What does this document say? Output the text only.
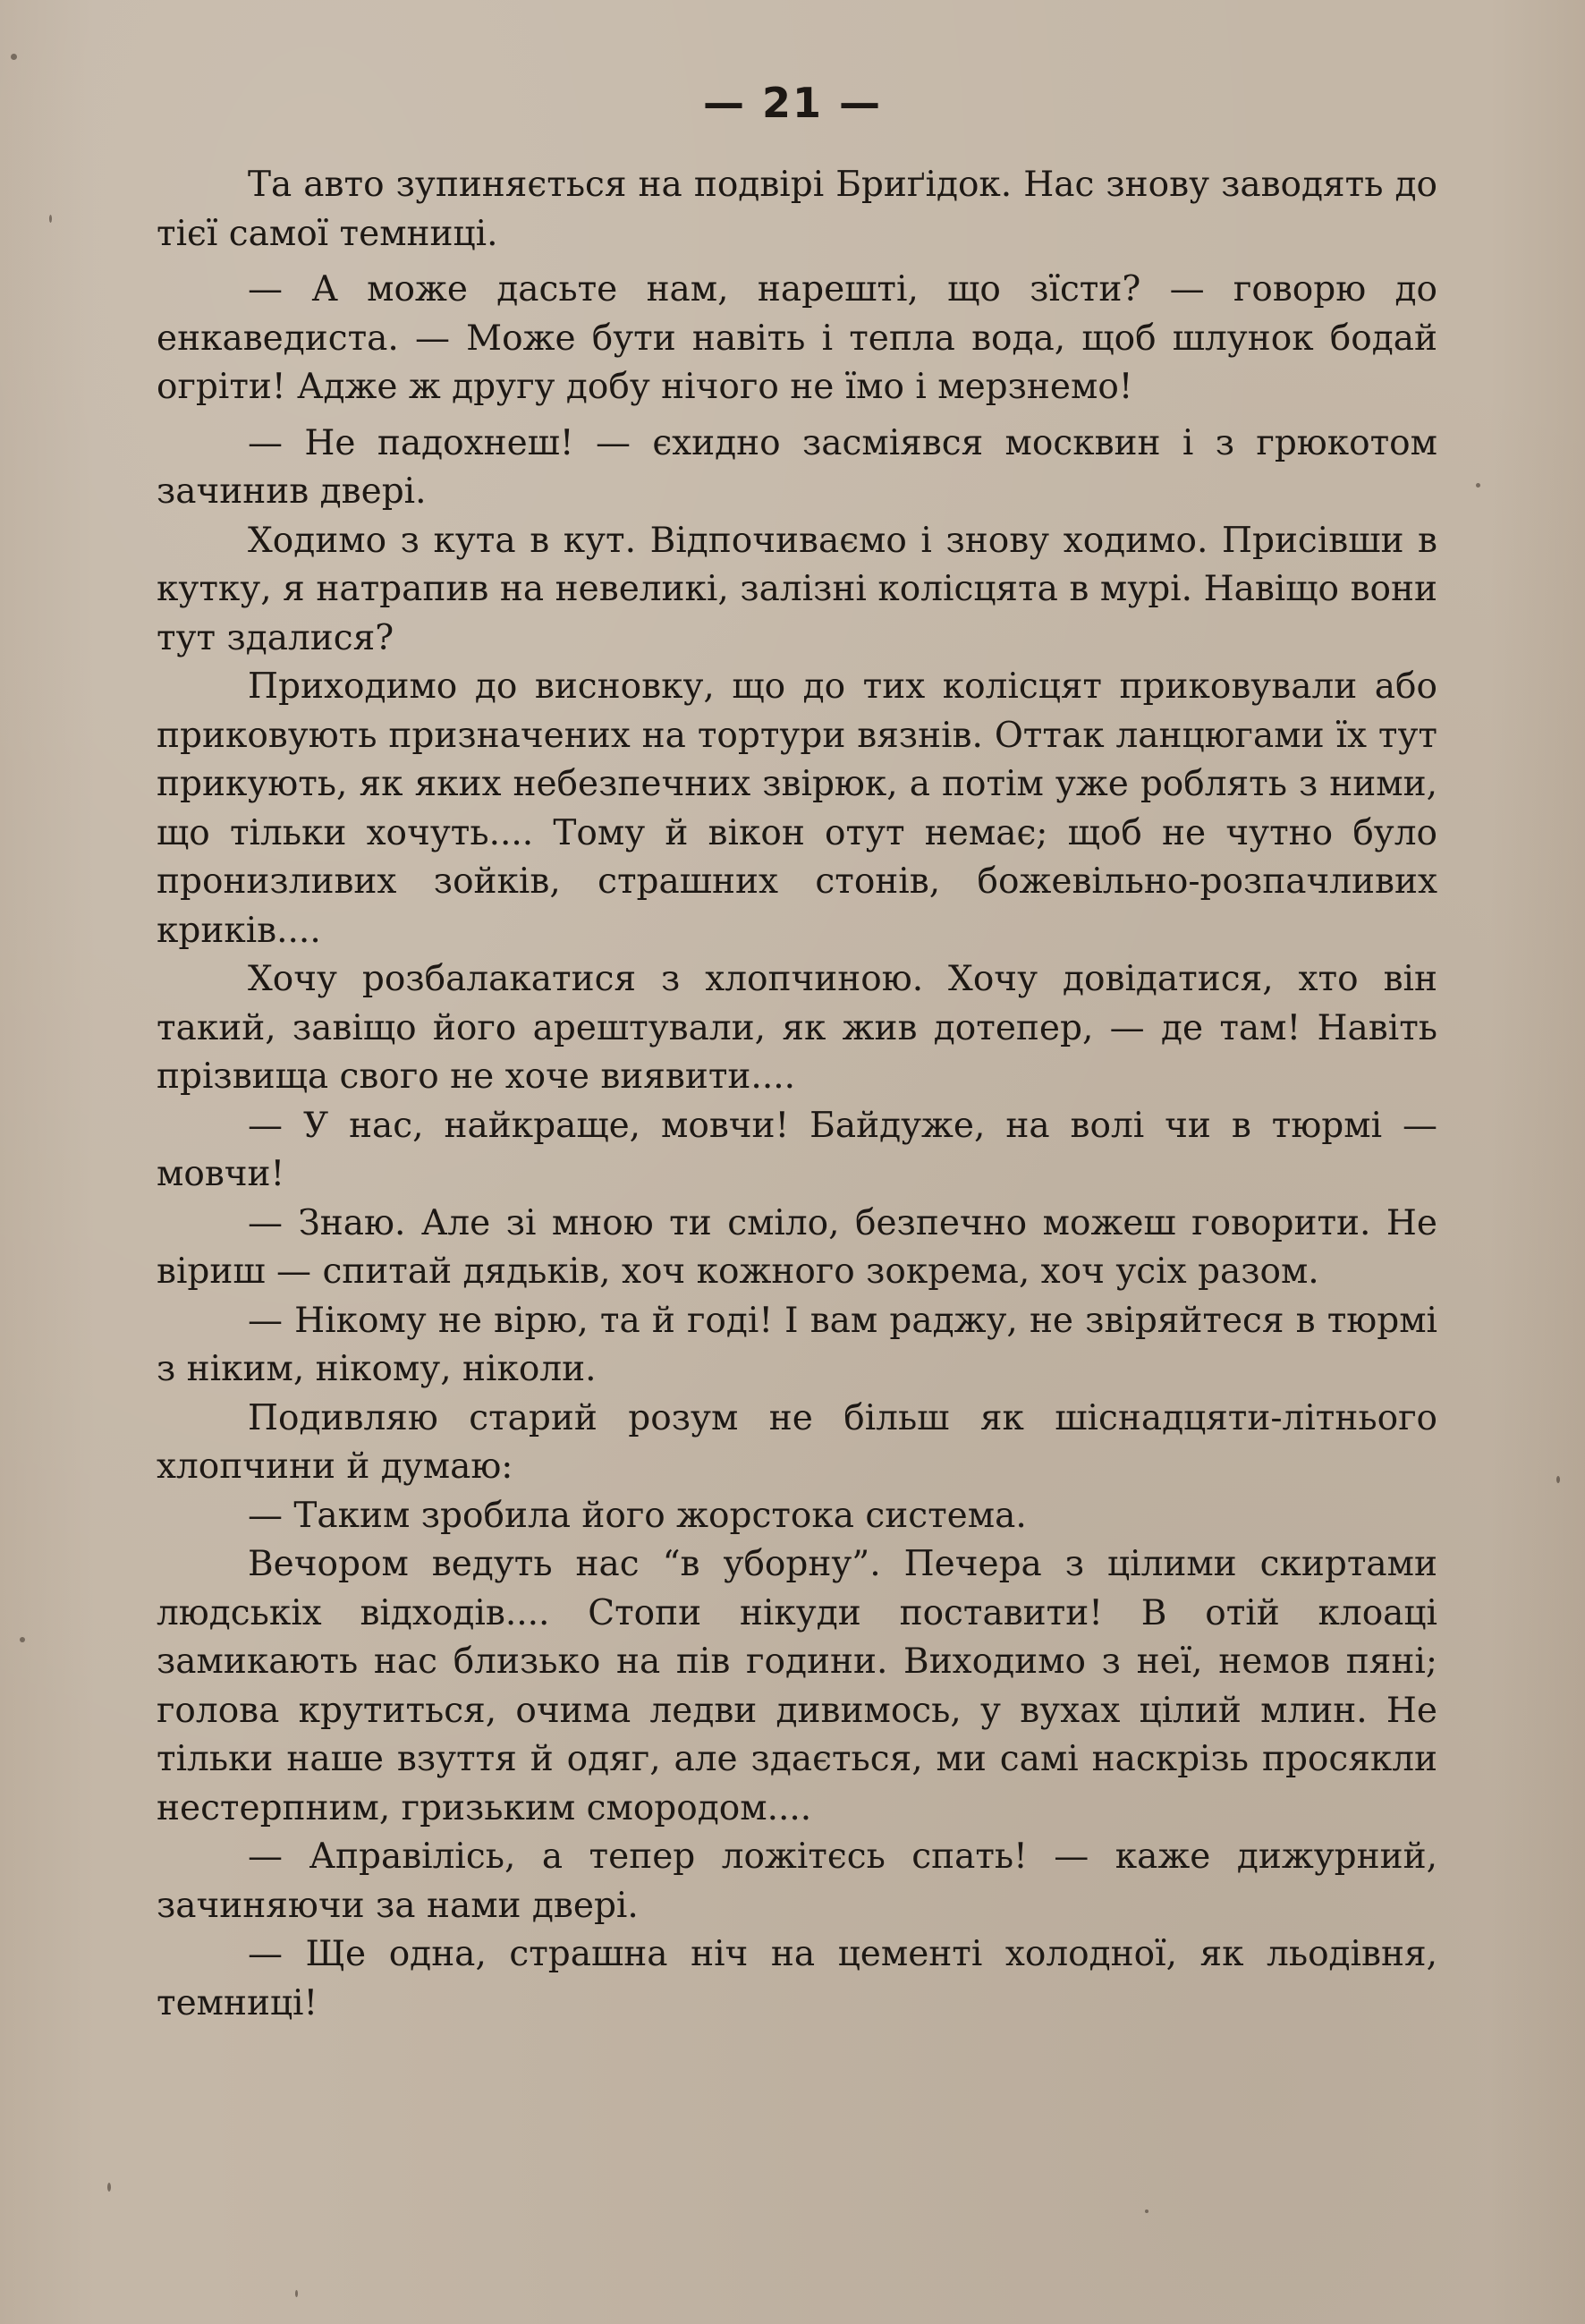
— 21 —

Та авто зупиняється на подвірі Бриґідок. Нас знову заводять до тієї самої темниці.

— А може дасьте нам, нарешті, що зїсти? — говорю до енкаведиста. — Може бути навіть і тепла вода, щоб шлунок бодай огріти! Адже ж другу добу нічого не їмо і мерзнемо!

— Не падохнеш! — єхидно засміявся москвин і з грюкотом зачинив двері.

Ходимо з кута в кут. Відпочиваємо і знову ходимо. Присівши в кутку, я натрапив на невеликі, залізні колісцята в мурі. Навіщо вони тут здалися?

Приходимо до висновку, що до тих колісцят приковували або приковують призначених на тортури вязнів. Оттак ланцюгами їх тут прикують, як яких небезпечних звірюк, а потім уже роблять з ними, що тільки хочуть.... Тому й вікон отут немає; щоб не чутно було пронизливих зойків, страшних стонів, божевільно-розпачливих криків....

Хочу розбалакатися з хлопчиною. Хочу довідатися, хто він такий, завіщо його арештували, як жив дотепер, — де там! Навіть прізвища свого не хоче виявити....

— У нас, найкраще, мовчи! Байдуже, на волі чи в тюрмі — мовчи!

— Знаю. Але зі мною ти сміло, безпечно можеш говорити. Не віриш — спитай дядьків, хоч кожного зокрема, хоч усіх разом.

— Нікому не вірю, та й годі! І вам раджу, не звіряйтеся в тюрмі з ніким, нікому, ніколи.

Подивляю старий розум не більш як шіснадцяти-літнього хлопчини й думаю:

— Таким зробила його жорстока система.

Вечором ведуть нас “в уборну”. Печера з цілими скиртами людськіх відходів.... Стопи нікуди поставити! В отій клоаці замикають нас близько на пів години. Виходимо з неї, немов пяні; голова крутиться, очима ледви дивимось, у вухах цілий млин. Не тільки наше взуття й одяг, але здається, ми самі наскрізь просякли нестерпним, гризьким смородом....

— Аправілісь, а тепер ложітєсь спать! — каже дижурний, зачиняючи за нами двері.

— Ще одна, страшна ніч на цементі холодної, як льодівня, темниці!
